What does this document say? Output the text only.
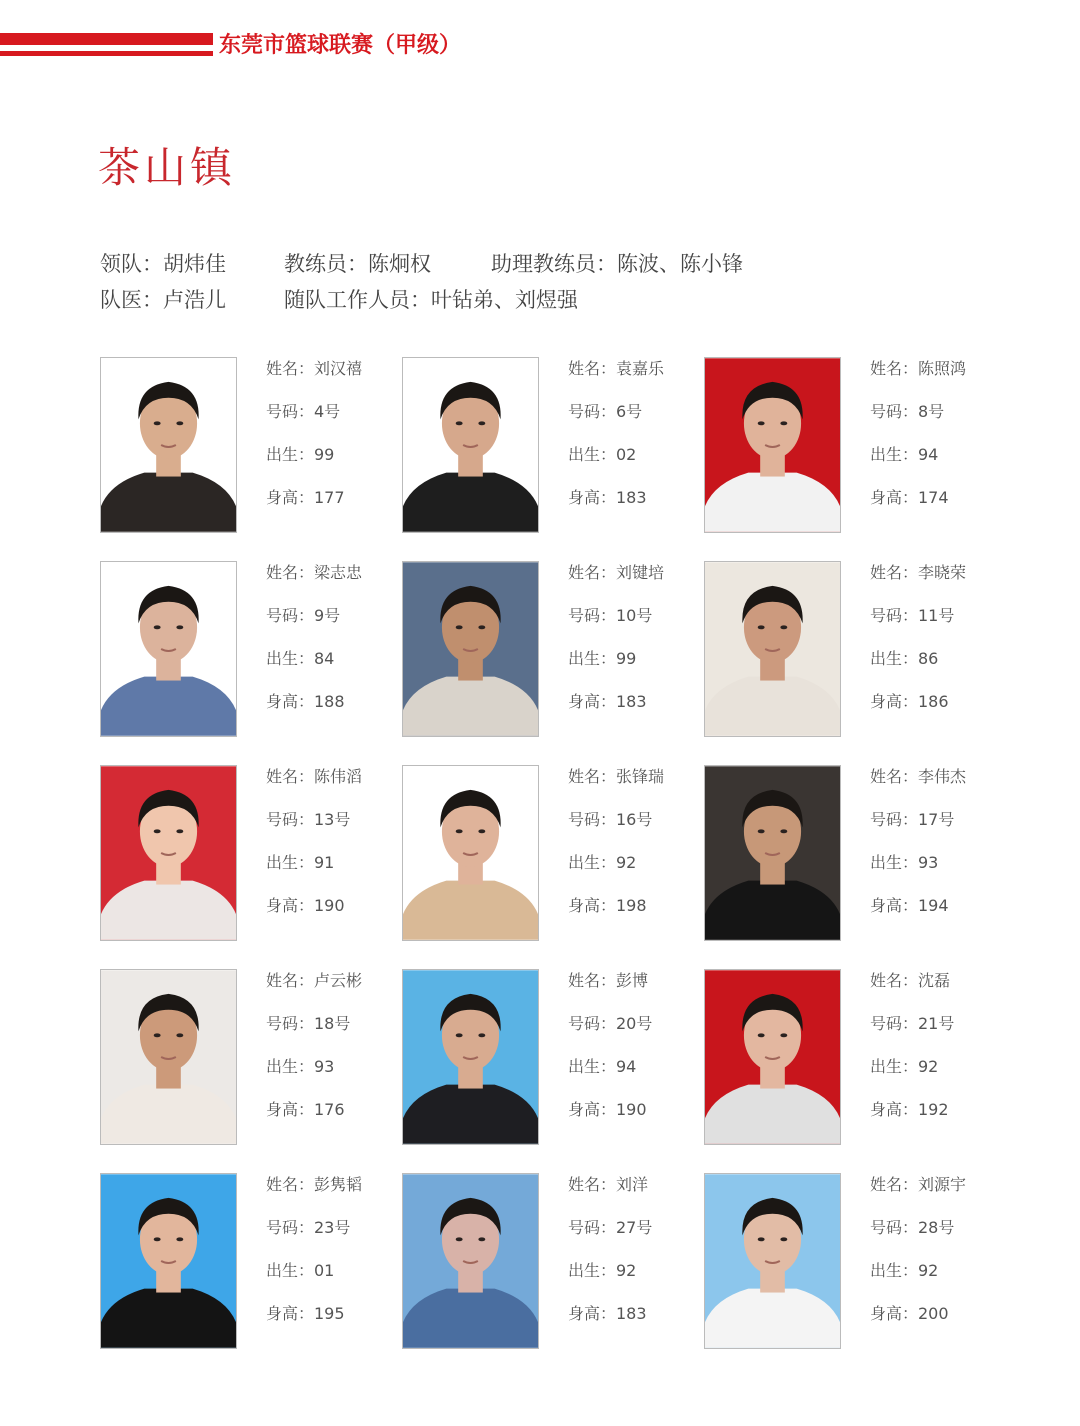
东莞市篮球联赛（甲级）
茶山镇
领队：胡炜佳	教练员：陈炯权	助理教练员：陈波、陈小锋
队医：卢浩儿	随队工作人员：叶钻弟、刘煜强
姓名：刘汉禧
号码：4号
出生：99
身高：177
姓名：袁嘉乐
号码：6号
出生：02
身高：183
姓名：陈照鸿
号码：8号
出生：94
身高：174
姓名：梁志忠
号码：9号
出生：84
身高：188
姓名：刘键培
号码：10号
出生：99
身高：183
姓名：李晓荣
号码：11号
出生：86
身高：186
姓名：陈伟滔
号码：13号
出生：91
身高：190
姓名：张锋瑞
号码：16号
出生：92
身高：198
姓名：李伟杰
号码：17号
出生：93
身高：194
姓名：卢云彬
号码：18号
出生：93
身高：176
姓名：彭博
号码：20号
出生：94
身高：190
姓名：沈磊
号码：21号
出生：92
身高：192
姓名：彭隽韬
号码：23号
出生：01
身高：195
姓名：刘洋
号码：27号
出生：92
身高：183
姓名：刘源宇
号码：28号
出生：92
身高：200
